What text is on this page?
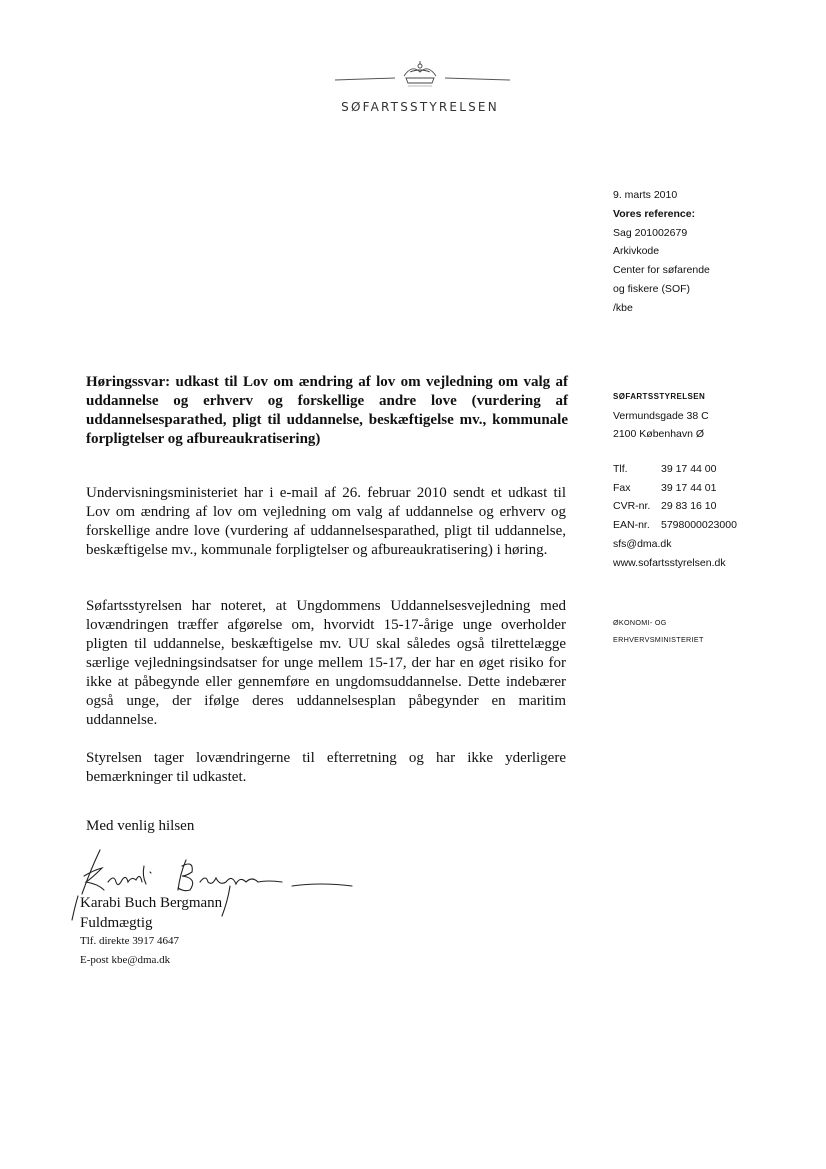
SØFARTSSTYRELSEN
9. marts 2010
Vores reference:
Sag 201002679
Arkivkode
Center for søfarende
og fiskere (SOF)
/kbe
SØFARTSSTYRELSEN
Vermundsgade 38 C
2100 København Ø
Tlf.	39 17 44 00
Fax	39 17 44 01
CVR-nr. 29 83 16 10
EAN-nr. 5798000023000
sfs@dma.dk
www.sofartsstyrelsen.dk
ØKONOMI- OG
ERHVERVSMINISTERIET
Høringssvar: udkast til Lov om ændring af lov om vejledning om valg af uddannelse og erhverv og forskellige andre love (vurdering af uddannelsesparathed, pligt til uddannelse, beskæftigelse mv., kommunale forpligtelser og afbureaukratisering)
Undervisningsministeriet har i e-mail af 26. februar 2010 sendt et udkast til Lov om ændring af lov om vejledning om valg af uddannelse og erhverv og forskellige andre love (vurdering af uddannelsesparathed, pligt til uddannelse, beskæftigelse mv., kommunale forpligtelser og afbureaukratisering) i høring.
Søfartsstyrelsen har noteret, at Ungdommens Uddannelsesvejledning med lovændringen træffer afgørelse om, hvorvidt 15-17-årige unge overholder pligten til uddannelse, beskæftigelse mv. UU skal således også tilrettelægge særlige vejledningsindsatser for unge mellem 15-17, der har en øget risiko for ikke at påbegynde eller gennemføre en ungdomsuddannelse. Dette indebærer også unge, der ifølge deres uddannelsesplan påbegynder en maritim uddannelse.
Styrelsen tager lovændringerne til efterretning og har ikke yderligere bemærkninger til udkastet.
Med venlig hilsen
Karabi Buch Bergmann
Fuldmægtig
Tlf. direkte 3917 4647
E-post kbe@dma.dk
